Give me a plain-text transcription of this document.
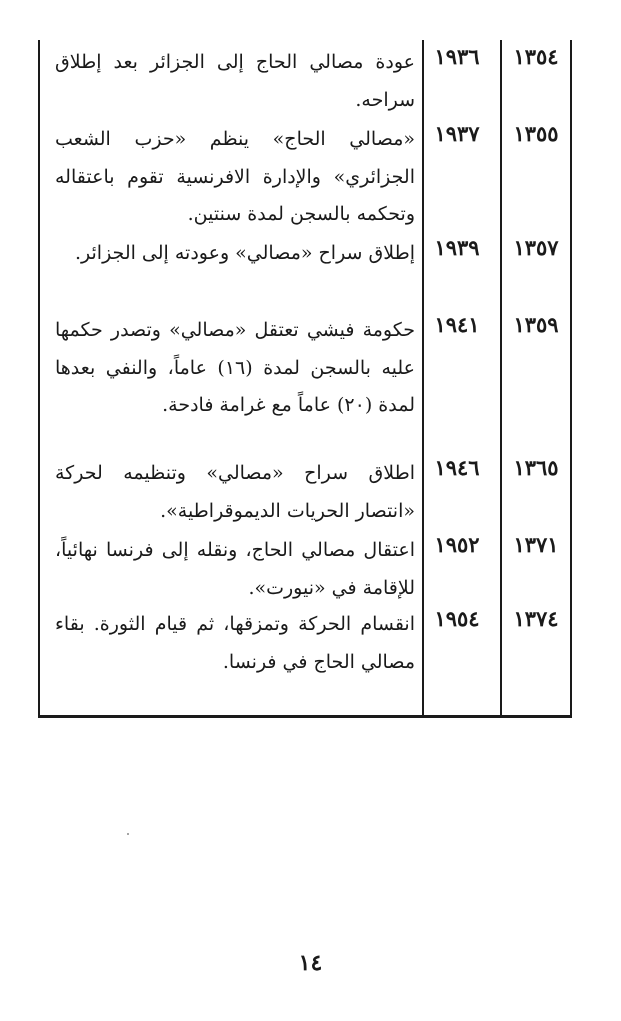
١٣٥٤
١٩٣٦
عودة مصالي الحاج إلى الجزائر بعد إطلاق سراحه.
١٣٥٥
١٩٣٧
«مصالي الحاج» ينظم «حزب الشعب الجزائري» والإدارة الافرنسية تقوم باعتقاله وتحكمه بالسجن لمدة سنتين.
١٣٥٧
١٩٣٩
إطلاق سراح «مصالي» وعودته إلى الجزائر.
١٣٥٩
١٩٤١
حكومة فيشي تعتقل «مصالي» وتصدر حكمها عليه بالسجن لمدة (١٦) عاماً، والنفي بعدها لمدة (٢٠) عاماً مع غرامة فادحة.
١٣٦٥
١٩٤٦
اطلاق سراح «مصالي» وتنظيمه لحركة «انتصار الحريات الديموقراطية».
١٣٧١
١٩٥٢
اعتقال مصالي الحاج، ونقله إلى فرنسا نهائياً، للإقامة في «نيورت».
١٣٧٤
١٩٥٤
انقسام الحركة وتمزقها، ثم قيام الثورة. بقاء مصالي الحاج في فرنسا.
١٤
